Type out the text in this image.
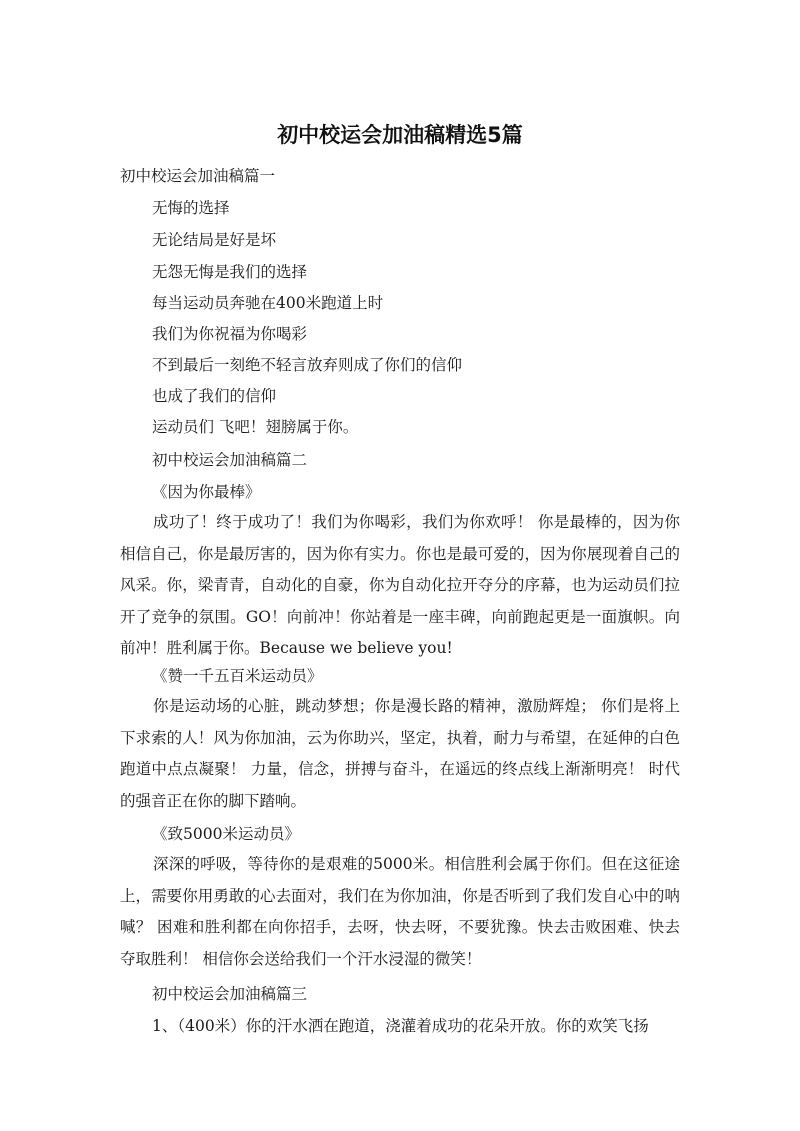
初中校运会加油稿精选5篇
初中校运会加油稿篇一
无悔的选择
无论结局是好是坏
无怨无悔是我们的选择
每当运动员奔驰在400米跑道上时
我们为你祝福为你喝彩
不到最后一刻绝不轻言放弃则成了你们的信仰
也成了我们的信仰
运动员们 飞吧！翅膀属于你。
初中校运会加油稿篇二
《因为你最棒》
成功了！终于成功了！我们为你喝彩，我们为你欢呼！ 你是最棒的，因为你相信自己，你是最厉害的，因为你有实力。你也是最可爱的，因为你展现着自己的风采。你，梁青青，自动化的自豪，你为自动化拉开夺分的序幕，也为运动员们拉开了竞争的氛围。GO！向前冲！你站着是一座丰碑，向前跑起更是一面旗帜。向前冲！胜利属于你。Because we believe you!
《赞一千五百米运动员》
你是运动场的心脏，跳动梦想；你是漫长路的精神，激励辉煌； 你们是将上下求索的人！风为你加油，云为你助兴，坚定，执着，耐力与希望，在延伸的白色跑道中点点凝聚！ 力量，信念，拼搏与奋斗，在遥远的终点线上渐渐明亮！ 时代的强音正在你的脚下踏响。
《致5000米运动员》
深深的呼吸，等待你的是艰难的5000米。相信胜利会属于你们。但在这征途上，需要你用勇敢的心去面对，我们在为你加油，你是否听到了我们发自心中的呐喊？ 困难和胜利都在向你招手，去呀，快去呀，不要犹豫。快去击败困难、快去夺取胜利！ 相信你会送给我们一个汗水浸湿的微笑！
初中校运会加油稿篇三
1、（400米）你的汗水洒在跑道，浇灌着成功的花朵开放。你的欢笑飞扬
